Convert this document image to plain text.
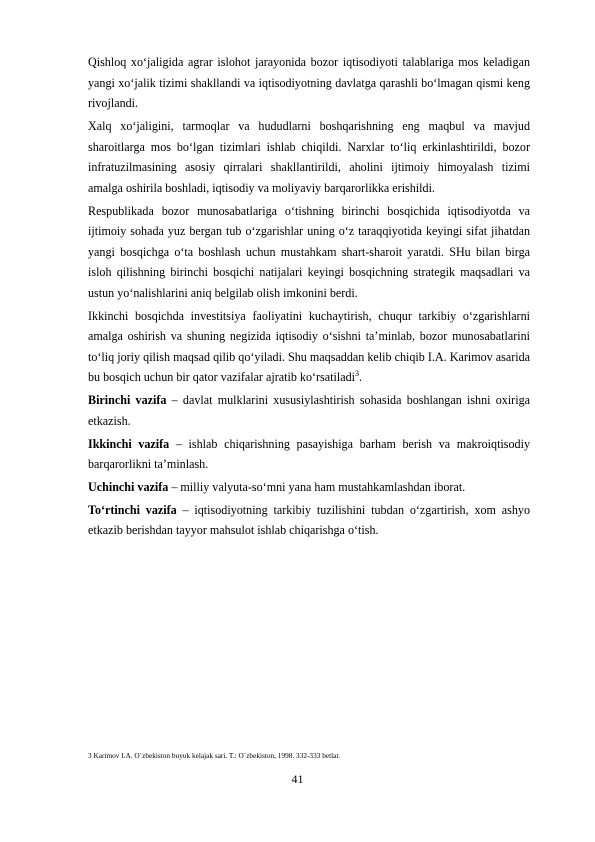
Qishloq xo‘jaligida agrar islohot jarayonida bozor iqtisodiyoti talablariga mos keladigan yangi xo‘jalik tizimi shakllandi va iqtisodiyotning davlatga qarashli bo‘lmagan qismi keng rivojlandi.

Xalq xo‘jaligini, tarmoqlar va hududlarni boshqarishning eng maqbul va mavjud sharoitlarga mos bo‘lgan tizimlari ishlab chiqildi. Narxlar to‘liq erkinlashtirildi, bozor infratuzilmasining asosiy qirralari shakllantirildi, aholini ijtimoiy himoyalash tizimi amalga oshirila boshladi, iqtisodiy va moliyaviy barqarorlikka erishildi.

Respublikada bozor munosabatlariga o‘tishning birinchi bosqichida iqtisodiyotda va ijtimoiy sohada yuz bergan tub o‘zgarishlar uning o‘z taraqqiyotida keyingi sifat jihatdan yangi bosqichga o‘ta boshlash uchun mustahkam shart-sharoit yaratdi. SHu bilan birga isloh qilishning birinchi bosqichi natijalari keyingi bosqichning strategik maqsadlari va ustun yo‘nalishlarini aniq belgilab olish imkonini berdi.

Ikkinchi bosqichda investitsiya faoliyatini kuchaytirish, chuqur tarkibiy o‘zgarishlarni amalga oshirish va shuning negizida iqtisodiy o‘sishni ta’minlab, bozor munosabatlarini to‘liq joriy qilish maqsad qilib qo‘yiladi. Shu maqsaddan kelib chiqib I.A. Karimov asarida bu bosqich uchun bir qator vazifalar ajratib ko‘rsatiladi$^3$.

Birinchi vazifa – davlat mulklarini xususiylashtirish sohasida boshlangan ishni oxiriga etkazish.

Ikkinchi vazifa – ishlab chiqarishning pasayishiga barham berish va makroiqtisodiy barqarorlikni ta’minlash.

Uchinchi vazifa – milliy valyuta-so‘mni yana ham mustahkamlashdan iborat.

To‘rtinchi vazifa – iqtisodiyotning tarkibiy tuzilishini tubdan o‘zgartirish, xom ashyo etkazib berishdan tayyor mahsulot ishlab chiqarishga o‘tish.

3 Karimov I.A. O`zbekiston buyuk kelajak sari. T.: O`zbekiston, 1998. 332-333 betlar.
41
